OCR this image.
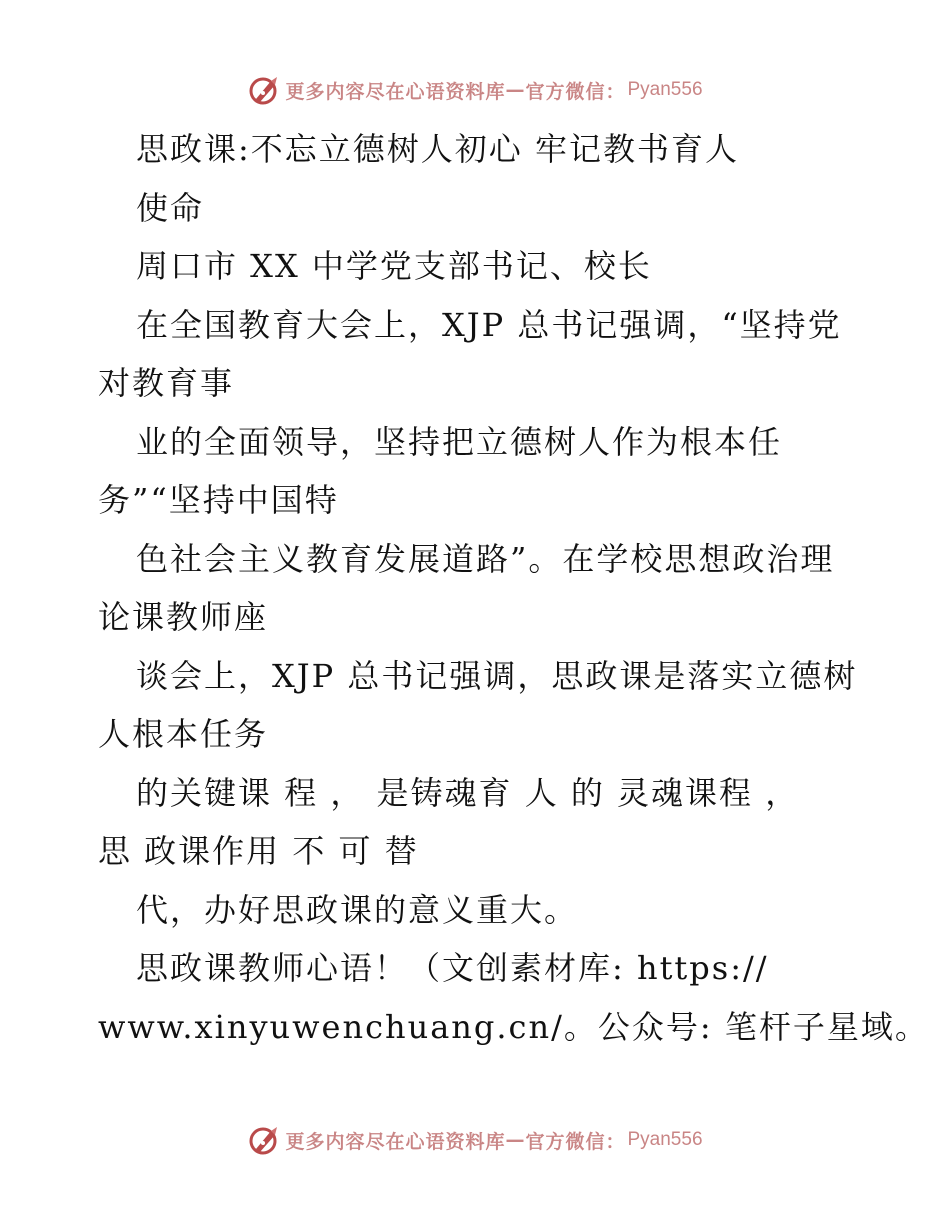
更多内容尽在心语资料库 — 官方微信： Pyan556
思政课:不忘立德树人初心 牢记教书育人
使命
周口市 XX 中学党支部书记、校长
在全国教育大会上，XJP 总书记强调，“坚持党
对教育事
业的全面领导，坚持把立德树人作为根本任
务”“坚持中国特
色社会主义教育发展道路”。在学校思想政治理
论课教师座
谈会上，XJP 总书记强调，思政课是落实立德树
人根本任务
的关键课 程 ， 是铸魂育 人 的 灵魂课程 ，
思 政课作用 不 可 替
代，办好思政课的意义重大。
思政课教师心语！（文创素材库: https://
www.xinyuwenchuang.cn/。公众号: 笔杆子星域。
更多内容尽在心语资料库 — 官方微信： Pyan556
